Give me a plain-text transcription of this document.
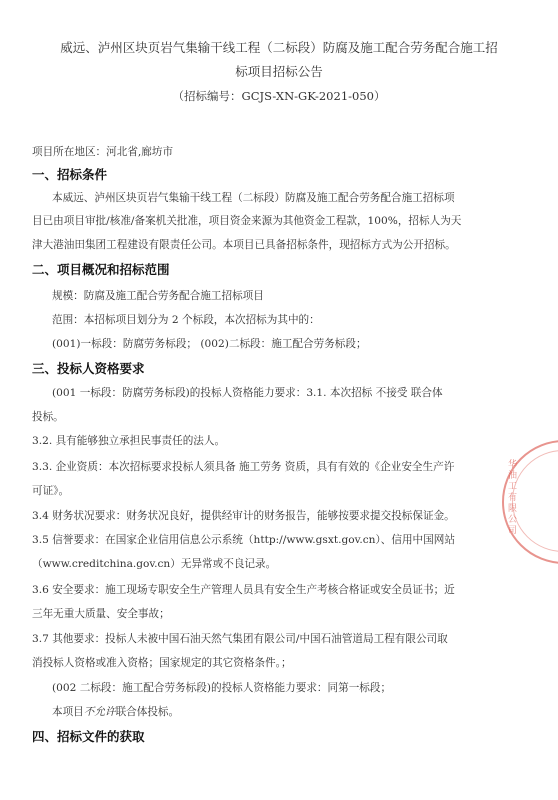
威远、泸州区块页岩气集输干线工程（二标段）防腐及施工配合劳务配合施工招
标项目招标公告
（招标编号：GCJS-XN-GK-2021-050）
项目所在地区：河北省,廊坊市
一、招标条件
本威远、泸州区块页岩气集输干线工程（二标段）防腐及施工配合劳务配合施工招标项
目已由项目审批/核准/备案机关批准，项目资金来源为其他资金工程款，100%，招标人为天
津大港油田集团工程建设有限责任公司。本项目已具备招标条件，现招标方式为公开招标。
二、项目概况和招标范围
规模：防腐及施工配合劳务配合施工招标项目
范围：本招标项目划分为 2 个标段，本次招标为其中的：
(001)一标段：防腐劳务标段； (002)二标段：施工配合劳务标段；
三、投标人资格要求
(001 一标段：防腐劳务标段)的投标人资格能力要求：3.1. 本次招标 不接受 联合体
投标。
3.2. 具有能够独立承担民事责任的法人。
3.3. 企业资质：本次招标要求投标人须具备 施工劳务 资质，具有有效的《企业安全生产许
可证》。
3.4 财务状况要求：财务状况良好，提供经审计的财务报告，能够按要求提交投标保证金。
3.5 信誉要求：在国家企业信用信息公示系统（http://www.gsxt.gov.cn）、信用中国网站
（www.creditchina.gov.cn）无异常或不良记录。
3.6 安全要求：施工现场专职安全生产管理人员具有安全生产考核合格证或安全员证书；近
三年无重大质量、安全事故；
3.7 其他要求：投标人未被中国石油天然气集团有限公司/中国石油管道局工程有限公司取
消投标人资格或准入资格；国家规定的其它资格条件。；
(002 二标段：施工配合劳务标段)的投标人资格能力要求：同第一标段；
本项目不允许联合体投标。
四、招标文件的获取
华
油
工
有
限
公
司
